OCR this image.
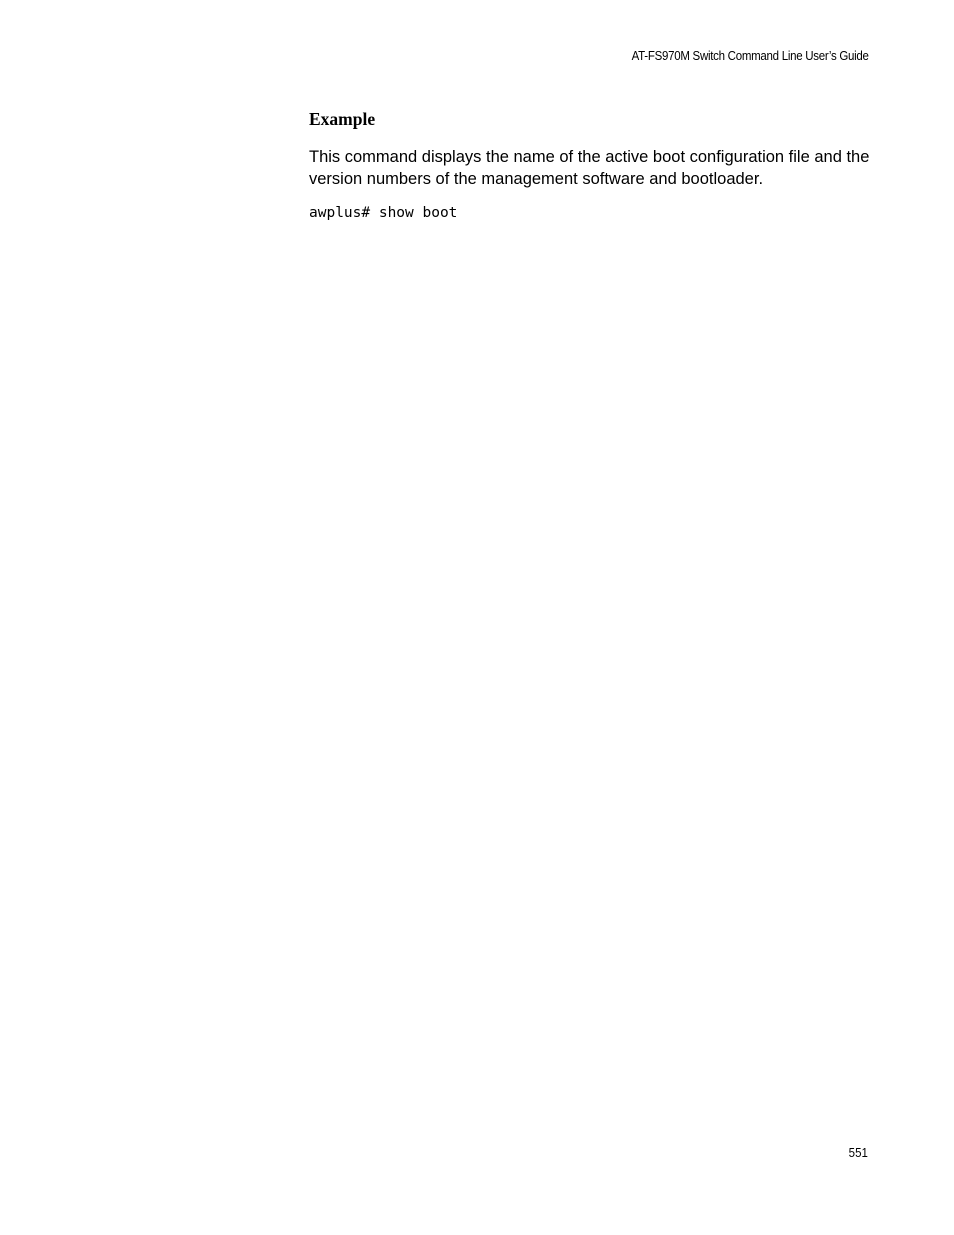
AT-FS970M Switch Command Line User’s Guide
Example

This command displays the name of the active boot configuration file and the version numbers of the management software and bootloader.

awplus# show boot
551
